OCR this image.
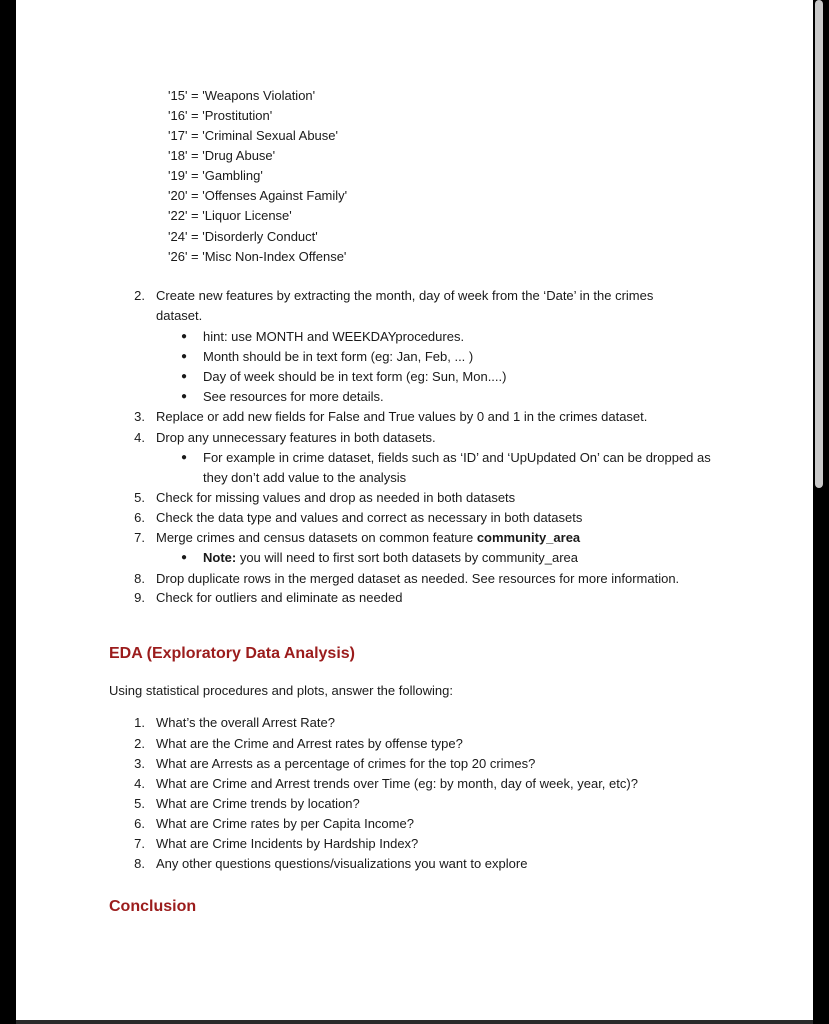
'15' = 'Weapons Violation'
'16' = 'Prostitution'
'17' = 'Criminal Sexual Abuse'
'18' = 'Drug Abuse'
'19' = 'Gambling'
'20' = 'Offenses Against Family'
'22' = 'Liquor License'
'24' = 'Disorderly Conduct'
'26' = 'Misc Non-Index Offense'
2. Create new features by extracting the month, day of week from the ‘Date’ in the crimes
dataset.
● hint: use MONTH and WEEKDAYprocedures.
● Month should be in text form (eg: Jan, Feb, ... )
● Day of week should be in text form (eg: Sun, Mon....)
● See resources for more details.
3. Replace or add new fields for False and True values by 0 and 1 in the crimes dataset.
4. Drop any unnecessary features in both datasets.
● For example in crime dataset, fields such as ‘ID’ and ‘UpUpdated On’ can be dropped as
they don’t add value to the analysis
5. Check for missing values and drop as needed in both datasets
6. Check the data type and values and correct as necessary in both datasets
7. Merge crimes and census datasets on common feature community_area
● Note: you will need to first sort both datasets by community_area
8. Drop duplicate rows in the merged dataset as needed. See resources for more information.
9. Check for outliers and eliminate as needed
EDA (Exploratory Data Analysis)
Using statistical procedures and plots, answer the following:
1. What’s the overall Arrest Rate?
2. What are the Crime and Arrest rates by offense type?
3. What are Arrests as a percentage of crimes for the top 20 crimes?
4. What are Crime and Arrest trends over Time (eg: by month, day of week, year, etc)?
5. What are Crime trends by location?
6. What are Crime rates by per Capita Income?
7. What are Crime Incidents by Hardship Index?
8. Any other questions questions/visualizations you want to explore
Conclusion
